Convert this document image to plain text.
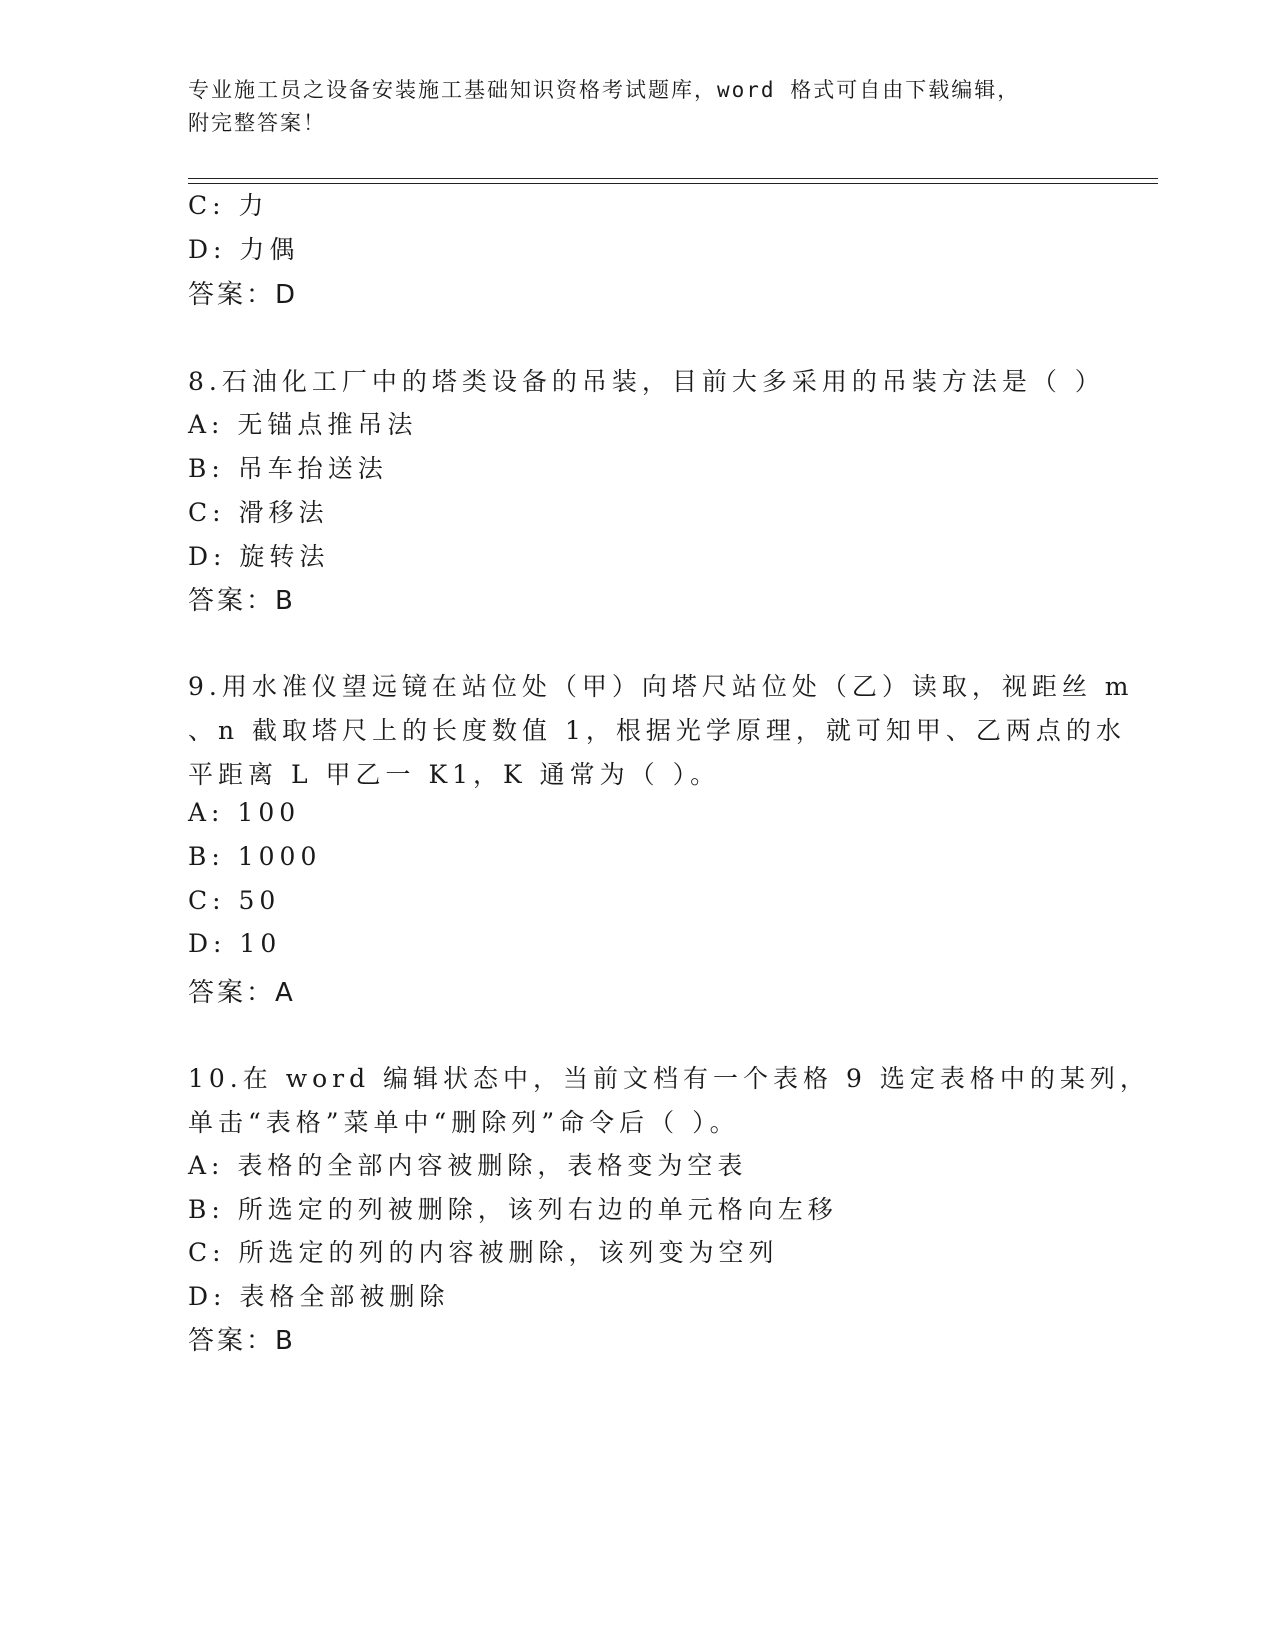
专业施工员之设备安装施工基础知识资格考试题库，word 格式可自由下载编辑，
附完整答案！
C: 力
D: 力偶
答案：D
8.石油化工厂中的塔类设备的吊装，目前大多采用的吊装方法是（ ）
A: 无锚点推吊法
B: 吊车抬送法
C: 滑移法
D: 旋转法
答案：B
9.用水准仪望远镜在站位处（甲）向塔尺站位处（乙）读取，视距丝 m
、n 截取塔尺上的长度数值 1，根据光学原理，就可知甲、乙两点的水
平距离 L 甲乙一 K1，K 通常为（ ）。
A: 100
B: 1000
C: 50
D: 10
答案：A
10.在 word 编辑状态中，当前文档有一个表格 9 选定表格中的某列，
单击“表格”菜单中“删除列”命令后（ ）。
A: 表格的全部内容被删除，表格变为空表
B: 所选定的列被删除，该列右边的单元格向左移
C: 所选定的列的内容被删除，该列变为空列
D: 表格全部被删除
答案：B
